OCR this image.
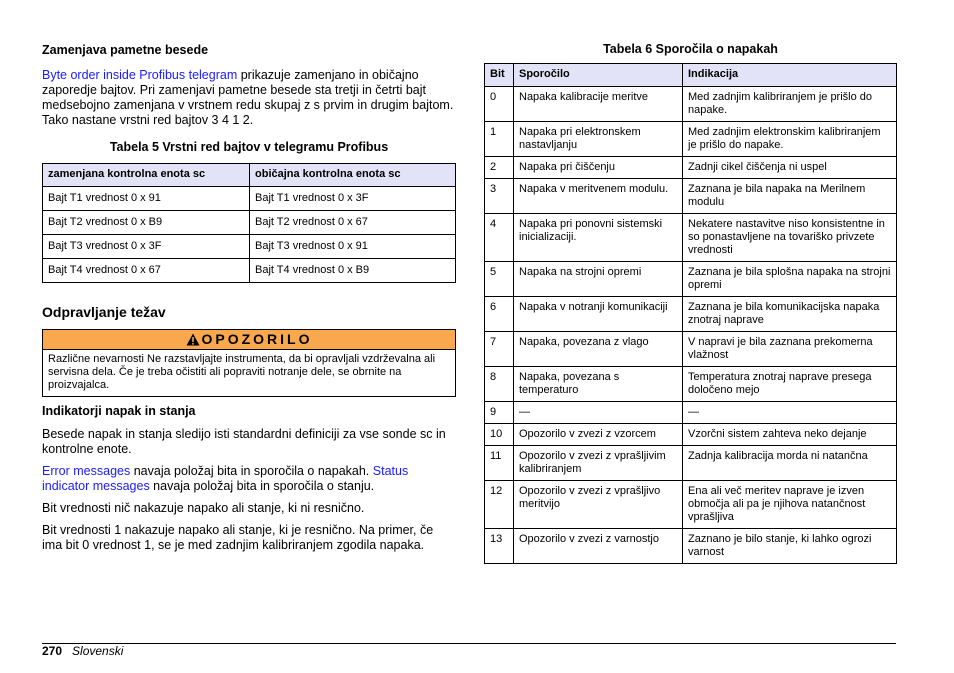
Zamenjava pametne besede

Byte order inside Profibus telegram prikazuje zamenjano in običajno zaporedje bajtov. Pri zamenjavi pametne besede sta tretji in četrti bajt medsebojno zamenjana v vrstnem redu skupaj z s prvim in drugim bajtom. Tako nastane vrstni red bajtov 3 4 1 2.

Tabela 5 Vrstni red bajtov v telegramu Profibus

zamenjana kontrolna enota sc	običajna kontrolna enota sc
Bajt T1 vrednost 0 x 91	Bajt T1 vrednost 0 x 3F
Bajt T2 vrednost 0 x B9	Bajt T2 vrednost 0 x 67
Bajt T3 vrednost 0 x 3F	Bajt T3 vrednost 0 x 91
Bajt T4 vrednost 0 x 67	Bajt T4 vrednost 0 x B9
Odpravljanje težav
OPOZORILO
Različne nevarnosti Ne razstavljajte instrumenta, da bi opravljali vzdrževalna ali servisna dela. Če je treba očistiti ali popraviti notranje dele, se obrnite na proizvajalca.
Indikatorji napak in stanja

Besede napak in stanja sledijo isti standardni definiciji za vse sonde sc in kontrolne enote.

Error messages navaja položaj bita in sporočila o napakah. Status indicator messages navaja položaj bita in sporočila o stanju.

Bit vrednosti nič nakazuje napako ali stanje, ki ni resnično.

Bit vrednosti 1 nakazuje napako ali stanje, ki je resnično. Na primer, če ima bit 0 vrednost 1, se je med zadnjim kalibriranjem zgodila napaka.

Tabela 6 Sporočila o napakah

Bit	Sporočilo	Indikacija
0	Napaka kalibracije meritve	Med zadnjim kalibriranjem je prišlo do napake.
1	Napaka pri elektronskem nastavljanju	Med zadnjim elektronskim kalibriranjem je prišlo do napake.
2	Napaka pri čiščenju	Zadnji cikel čiščenja ni uspel
3	Napaka v meritvenem modulu.	Zaznana je bila napaka na Merilnem modulu
4	Napaka pri ponovni sistemski inicializaciji.	Nekatere nastavitve niso konsistentne in so ponastavljene na tovariško privzete vrednosti
5	Napaka na strojni opremi	Zaznana je bila splošna napaka na strojni opremi
6	Napaka v notranji komunikaciji	Zaznana je bila komunikacijska napaka znotraj naprave
7	Napaka, povezana z vlago	V napravi je bila zaznana prekomerna vlažnost
8	Napaka, povezana s temperaturo	Temperatura znotraj naprave presega določeno mejo
9	—	—
10	Opozorilo v zvezi z vzorcem	Vzorčni sistem zahteva neko dejanje
11	Opozorilo v zvezi z vprašljivim kalibriranjem	Zadnja kalibracija morda ni natančna
12	Opozorilo v zvezi z vprašljivo meritvijo	Ena ali več meritev naprave je izven območja ali pa je njihova natančnost vprašljiva
13	Opozorilo v zvezi z varnostjo	Zaznano je bilo stanje, ki lahko ogrozi varnost
270 Slovenski
